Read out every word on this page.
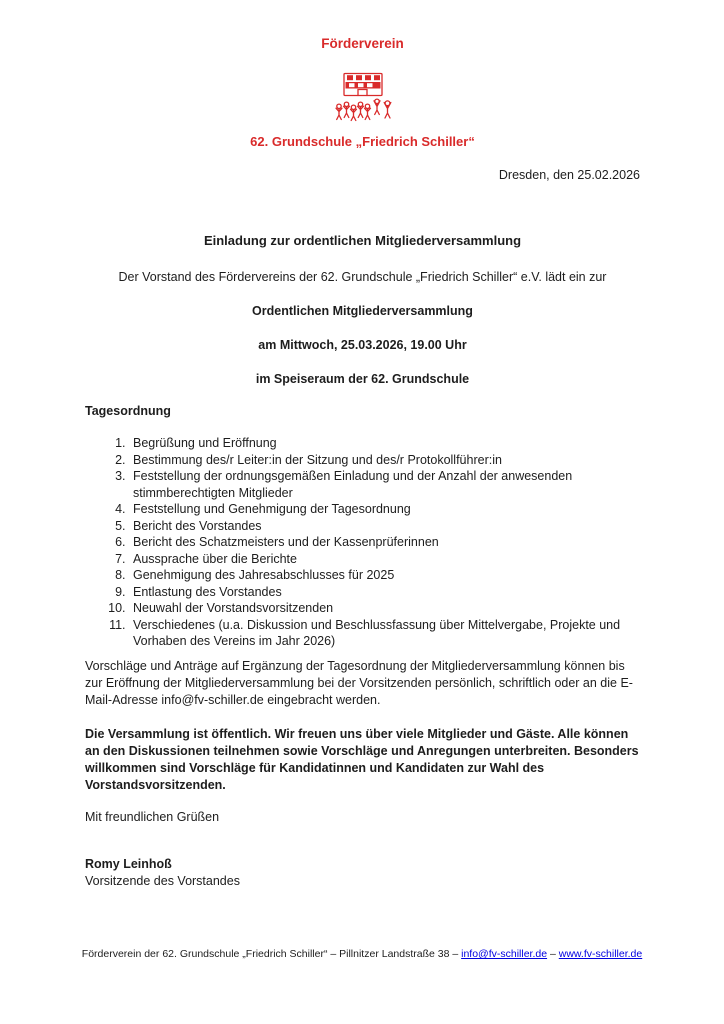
Förderverein
62. Grundschule „Friedrich Schiller“
Dresden, den 25.02.2026
Einladung zur ordentlichen Mitgliederversammlung
Der Vorstand des Fördervereins der 62. Grundschule „Friedrich Schiller“ e.V. lädt ein zur
Ordentlichen Mitgliederversammlung
am Mittwoch, 25.03.2026, 19.00 Uhr
im Speiseraum der 62. Grundschule
Tagesordnung
1. Begrüßung und Eröffnung
2. Bestimmung des/r Leiter:in der Sitzung und des/r Protokollführer:in
3. Feststellung der ordnungsgemäßen Einladung und der Anzahl der anwesenden stimmberechtigten Mitglieder
4. Feststellung und Genehmigung der Tagesordnung
5. Bericht des Vorstandes
6. Bericht des Schatzmeisters und der Kassenprüferinnen
7. Aussprache über die Berichte
8. Genehmigung des Jahresabschlusses für 2025
9. Entlastung des Vorstandes
10. Neuwahl der Vorstandsvorsitzenden
11. Verschiedenes (u.a. Diskussion und Beschlussfassung über Mittelvergabe, Projekte und Vorhaben des Vereins im Jahr 2026)

Vorschläge und Anträge auf Ergänzung der Tagesordnung der Mitgliederversammlung können bis zur Eröffnung der Mitgliederversammlung bei der Vorsitzenden persönlich, schriftlich oder an die E-Mail-Adresse info@fv-schiller.de eingebracht werden.

Die Versammlung ist öffentlich. Wir freuen uns über viele Mitglieder und Gäste. Alle können an den Diskussionen teilnehmen sowie Vorschläge und Anregungen unterbreiten. Besonders willkommen sind Vorschläge für Kandidatinnen und Kandidaten zur Wahl des Vorstandsvorsitzenden.

Mit freundlichen Grüßen

Romy Leinhoß
Vorsitzende des Vorstandes
Förderverein der 62. Grundschule „Friedrich Schiller“ – Pillnitzer Landstraße 38 – info@fv-schiller.de – www.fv-schiller.de
